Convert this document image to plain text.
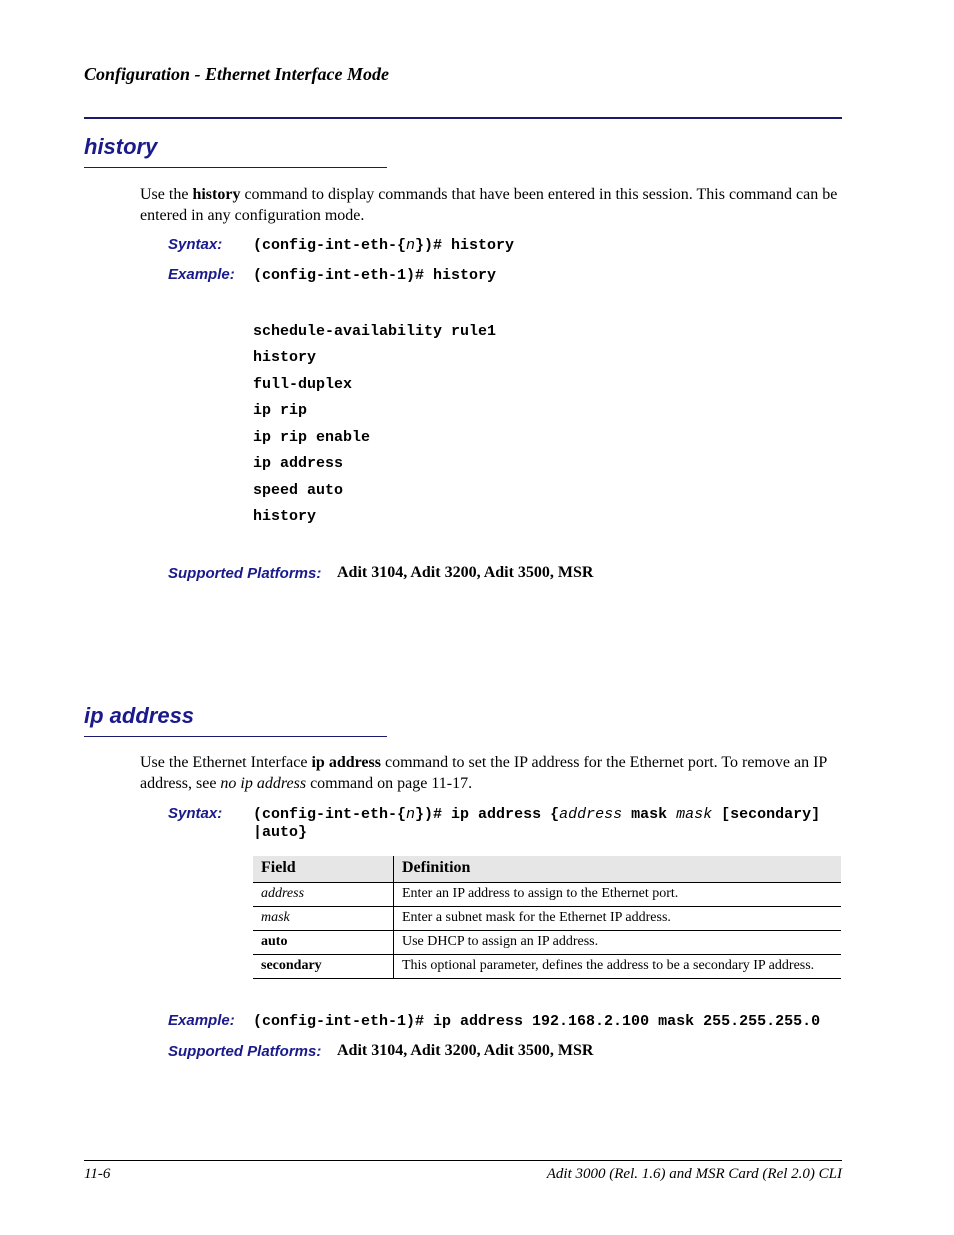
Configuration - Ethernet Interface Mode
history
Use the history command to display commands that have been entered in this session. This command can be entered in any configuration mode.
Syntax: (config-int-eth-{n})# history
Example: (config-int-eth-1)# history
schedule-availability rule1
history
full-duplex
ip rip
ip rip enable
ip address
speed auto
history
Supported Platforms: Adit 3104, Adit 3200, Adit 3500, MSR
ip address
Use the Ethernet Interface ip address command to set the IP address for the Ethernet port. To remove an IP address, see no ip address command on page 11-17.
Syntax: (config-int-eth-{n})# ip address {address mask mask [secondary]
|auto}
Field	Definition
address	Enter an IP address to assign to the Ethernet port.
mask	Enter a subnet mask for the Ethernet IP address.
auto	Use DHCP to assign an IP address.
secondary	This optional parameter, defines the address to be a secondary IP address.
Example: (config-int-eth-1)# ip address 192.168.2.100 mask 255.255.255.0
Supported Platforms: Adit 3104, Adit 3200, Adit 3500, MSR
11-6	Adit 3000 (Rel. 1.6) and MSR Card (Rel 2.0) CLI
